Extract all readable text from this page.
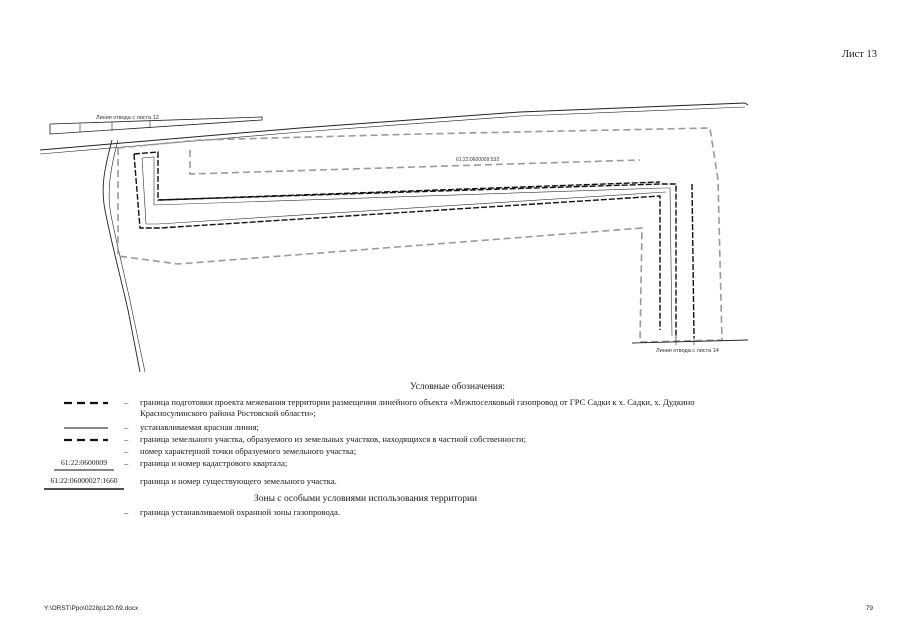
Лист 13
Линия отвода с листа 12
61:22:0600009:532
Линия отвода с листа 14
Условные обозначения:
– граница подготовки проекта межевания территории размещения линейного объекта «Межпоселковый газопровод от ГРС Садки к х. Садки, х. Дудкино Красносулинского района Ростовской области»;
– устанавливаемая красная линия;
– граница земельного участка, образуемого из земельных участков, находящихся в частной собственности;
– номер характерной точки образуемого земельного участка;
61:22:0600009	– граница и номер кадастрового квартала;
61:22:06000027:1660	граница и номер существующего земельного участка.
Зоны с особыми условиями использования территории
– граница устанавливаемой охранной зоны газопровода.
Y:\ORST\Ppo\0228p120.f\9.docx	79
